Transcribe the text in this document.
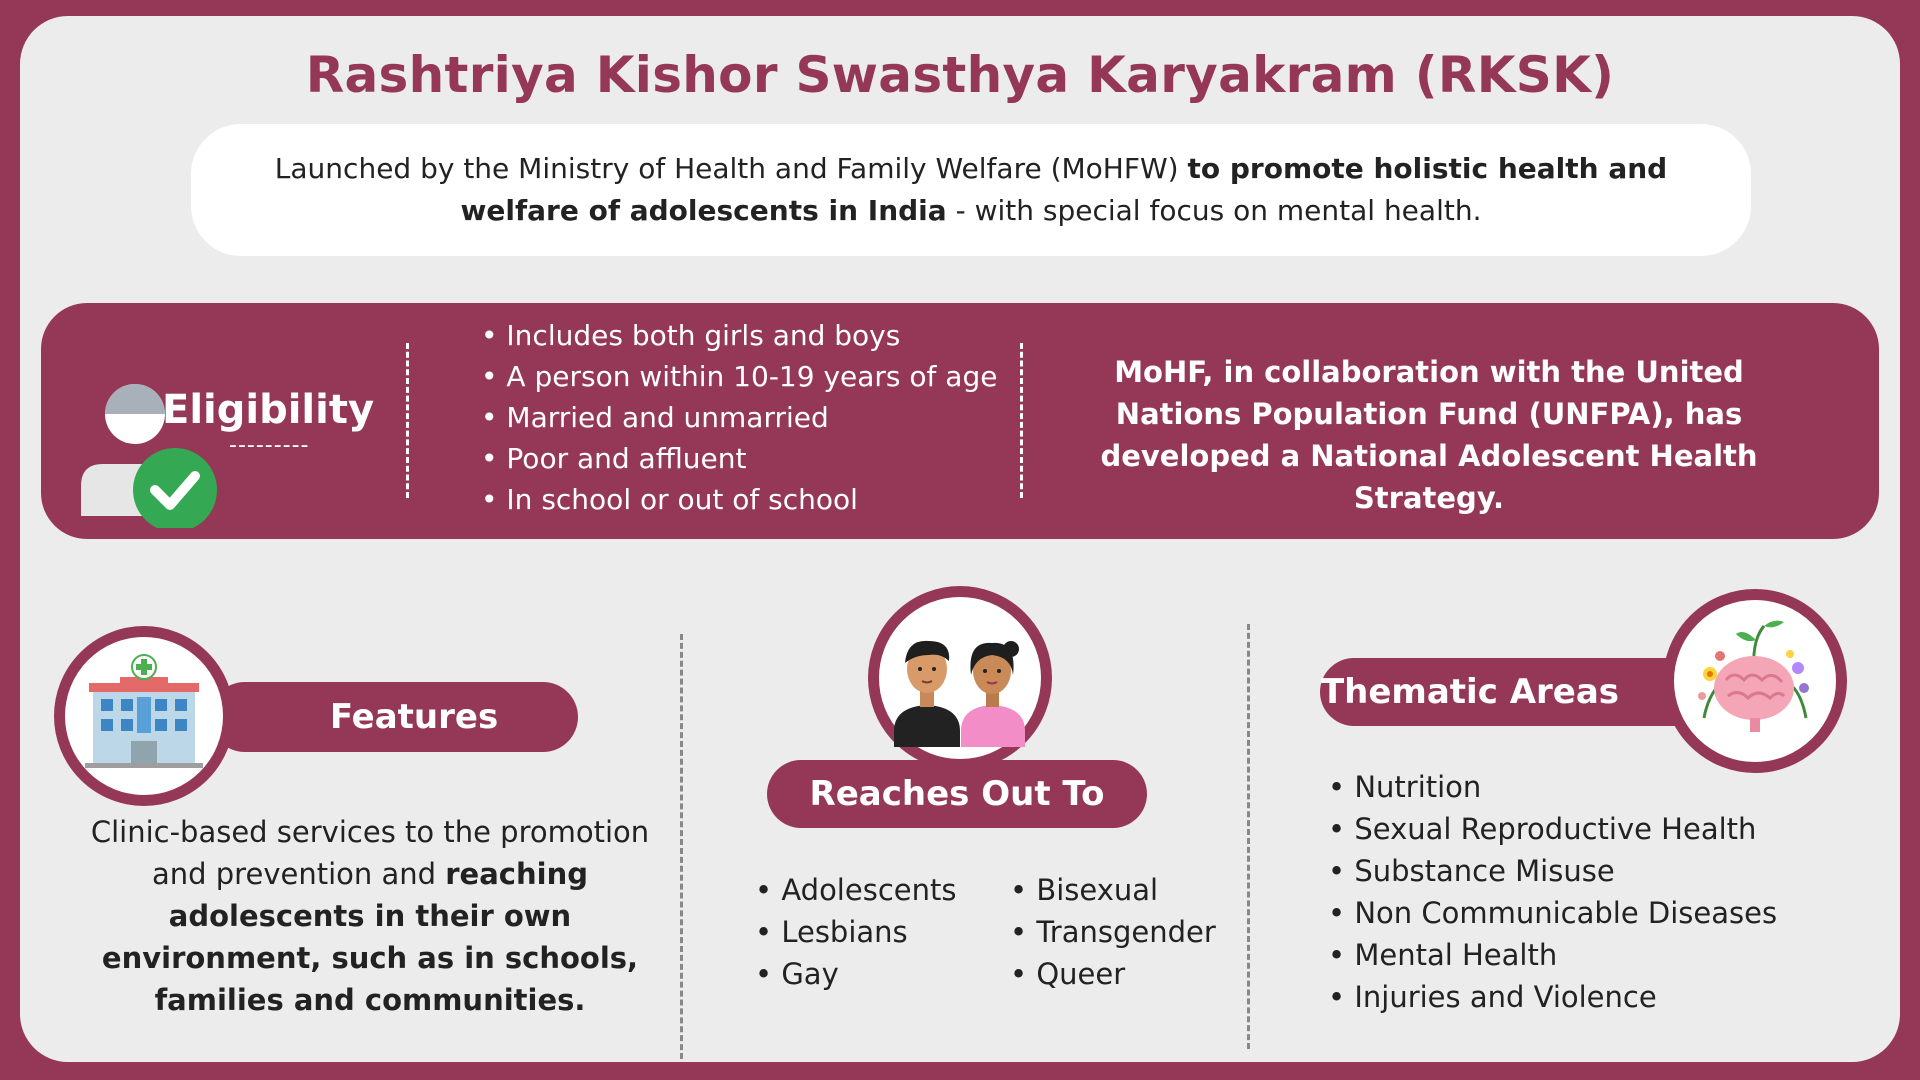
Rashtriya Kishor Swasthya Karyakram (RKSK)
Launched by the Ministry of Health and Family Welfare (MoHFW) to promote holistic health and welfare of adolescents in India - with special focus on mental health.
Eligibility
---------
• Includes both girls and boys
• A person within 10-19 years of age
• Married and unmarried
• Poor and affluent
• In school or out of school
MoHF, in collaboration with the United Nations Population Fund (UNFPA), has developed a National Adolescent Health Strategy.
Features
Clinic-based services to the promotion and prevention and reaching adolescents in their own environment, such as in schools, families and communities.
Reaches Out To
• Adolescents
• Lesbians
• Gay
• Bisexual
• Transgender
• Queer
Thematic Areas
• Nutrition
• Sexual Reproductive Health
• Substance Misuse
• Non Communicable Diseases
• Mental Health
• Injuries and Violence
